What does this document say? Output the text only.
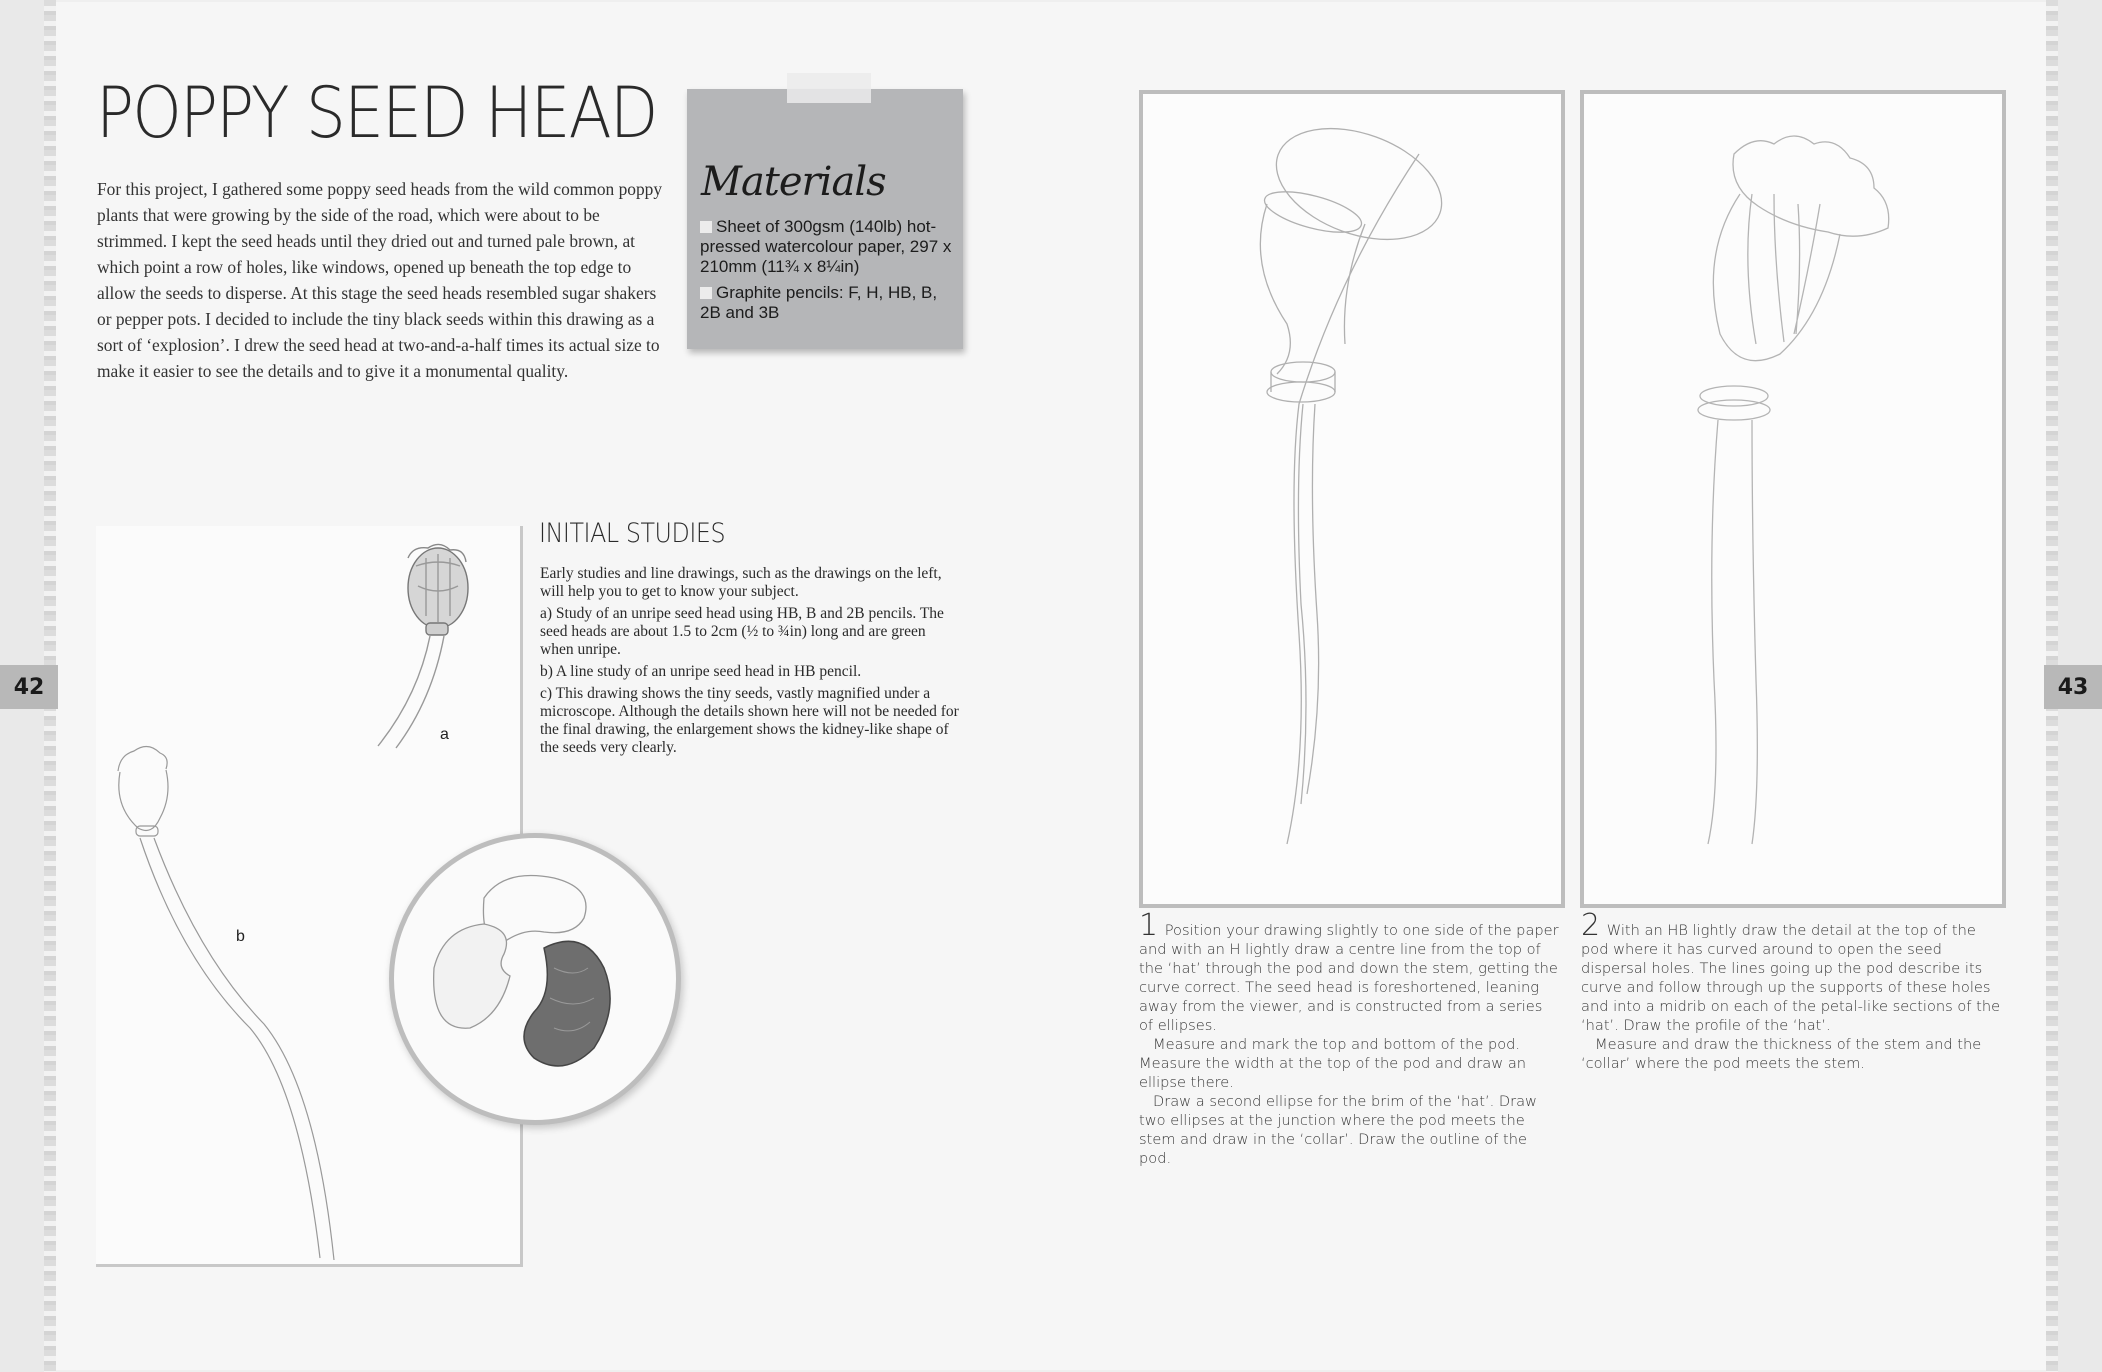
42	43
POPPY SEED HEAD

For this project, I gathered some poppy seed heads from the wild common poppy plants that were growing by the side of the road, which were about to be strimmed. I kept the seed heads until they dried out and turned pale brown, at which point a row of holes, like windows, opened up beneath the top edge to allow the seeds to disperse. At this stage the seed heads resembled sugar shakers or pepper pots. I decided to include the tiny black seeds within this drawing as a sort of ‘explosion’. I drew the seed head at two-and-a-half times its actual size to make it easier to see the details and to give it a monumental quality.

Materials
Sheet of 300gsm (140lb) hot-pressed watercolour paper, 297 x 210mm (11¾ x 8¼in)
Graphite pencils: F, H, HB, B, 2B and 3B
a
b
INITIAL STUDIES

Early studies and line drawings, such as the drawings on the left, will help you to get to know your subject.

a) Study of an unripe seed head using HB, B and 2B pencils. The seed heads are about 1.5 to 2cm (½ to ¾in) long and are green when unripe.

b) A line study of an unripe seed head in HB pencil.

c) This drawing shows the tiny seeds, vastly magnified under a microscope. Although the details shown here will not be needed for the final drawing, the enlargement shows the kidney-like shape of the seeds very clearly.

1 Position your drawing slightly to one side of the paper and with an H lightly draw a centre line from the top of the ‘hat’ through the pod and down the stem, getting the curve correct. The seed head is foreshortened, leaning away from the viewer, and is constructed from a series of ellipses.

Measure and mark the top and bottom of the pod. Measure the width at the top of the pod and draw an ellipse there.

Draw a second ellipse for the brim of the ‘hat’. Draw two ellipses at the junction where the pod meets the stem and draw in the ‘collar’. Draw the outline of the pod.

2 With an HB lightly draw the detail at the top of the pod where it has curved around to open the seed dispersal holes. The lines going up the pod describe its curve and follow through up the supports of these holes and into a midrib on each of the petal-like sections of the ‘hat’. Draw the profile of the ‘hat’.

Measure and draw the thickness of the stem and the ‘collar’ where the pod meets the stem.
